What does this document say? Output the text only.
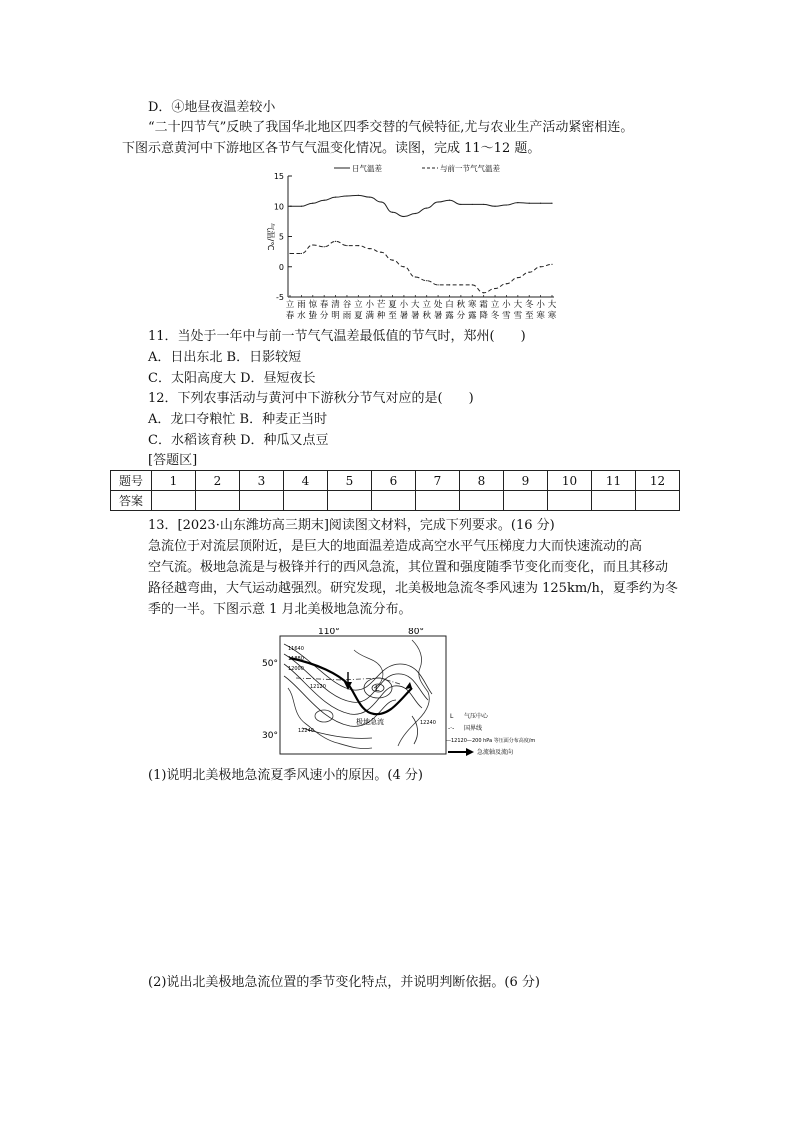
D．④地昼夜温差较小
“二十四节气”反映了我国华北地区四季交替的气候特征,尤与农业生产活动紧密相连。
下图示意黄河中下游地区各节气气温变化情况。读图，完成 11～12 题。
日气温差	与前一节气气温差
15
10
5
0
-5
气温/℃
立
春
雨
水
惊
蛰
春
分
清
明
谷
雨
立
夏
小
满
芒
种
夏
至
小
暑
大
暑
立
秋
处
暑
白
露
秋
分
寒
露
霜
降
立
冬
小
雪
大
雪
冬
至
小
寒
大
寒
11．当处于一年中与前一节气气温差最低值的节气时，郑州(　　)
A．日出东北 B．日影较短
C．太阳高度大 D．昼短夜长
12．下列农事活动与黄河中下游秋分节气对应的是(　　)
A．龙口夺粮忙 B．种麦正当时
C．水稻该育秧 D．种瓜又点豆
[答题区]
题号	1	2	3	4	5	6	7	8	9	10	11	12
答案												
13．[2023·山东潍坊高三期末]阅读图文材料，完成下列要求。(16 分)
急流位于对流层顶附近，是巨大的地面温差造成高空水平气压梯度力大而快速流动的高
空气流。极地急流是与极锋并行的西风急流，其位置和强度随季节变化而变化，而且其移动
路径越弯曲，大气运动越强烈。研究发现，北美极地急流冬季风速为 125km/h，夏季约为冬
季的一半。下图示意 1 月北美极地急流分布。
110°	80°
50°
30°
L
11640
11880
12000
12120
12240
12240
极地急流
L 气压中心
-·- 国界线
—12120— 200 hPa 等压面分布高度/m
急流轴及流向
(1)说明北美极地急流夏季风速小的原因。(4 分)
(2)说出北美极地急流位置的季节变化特点，并说明判断依据。(6 分)
